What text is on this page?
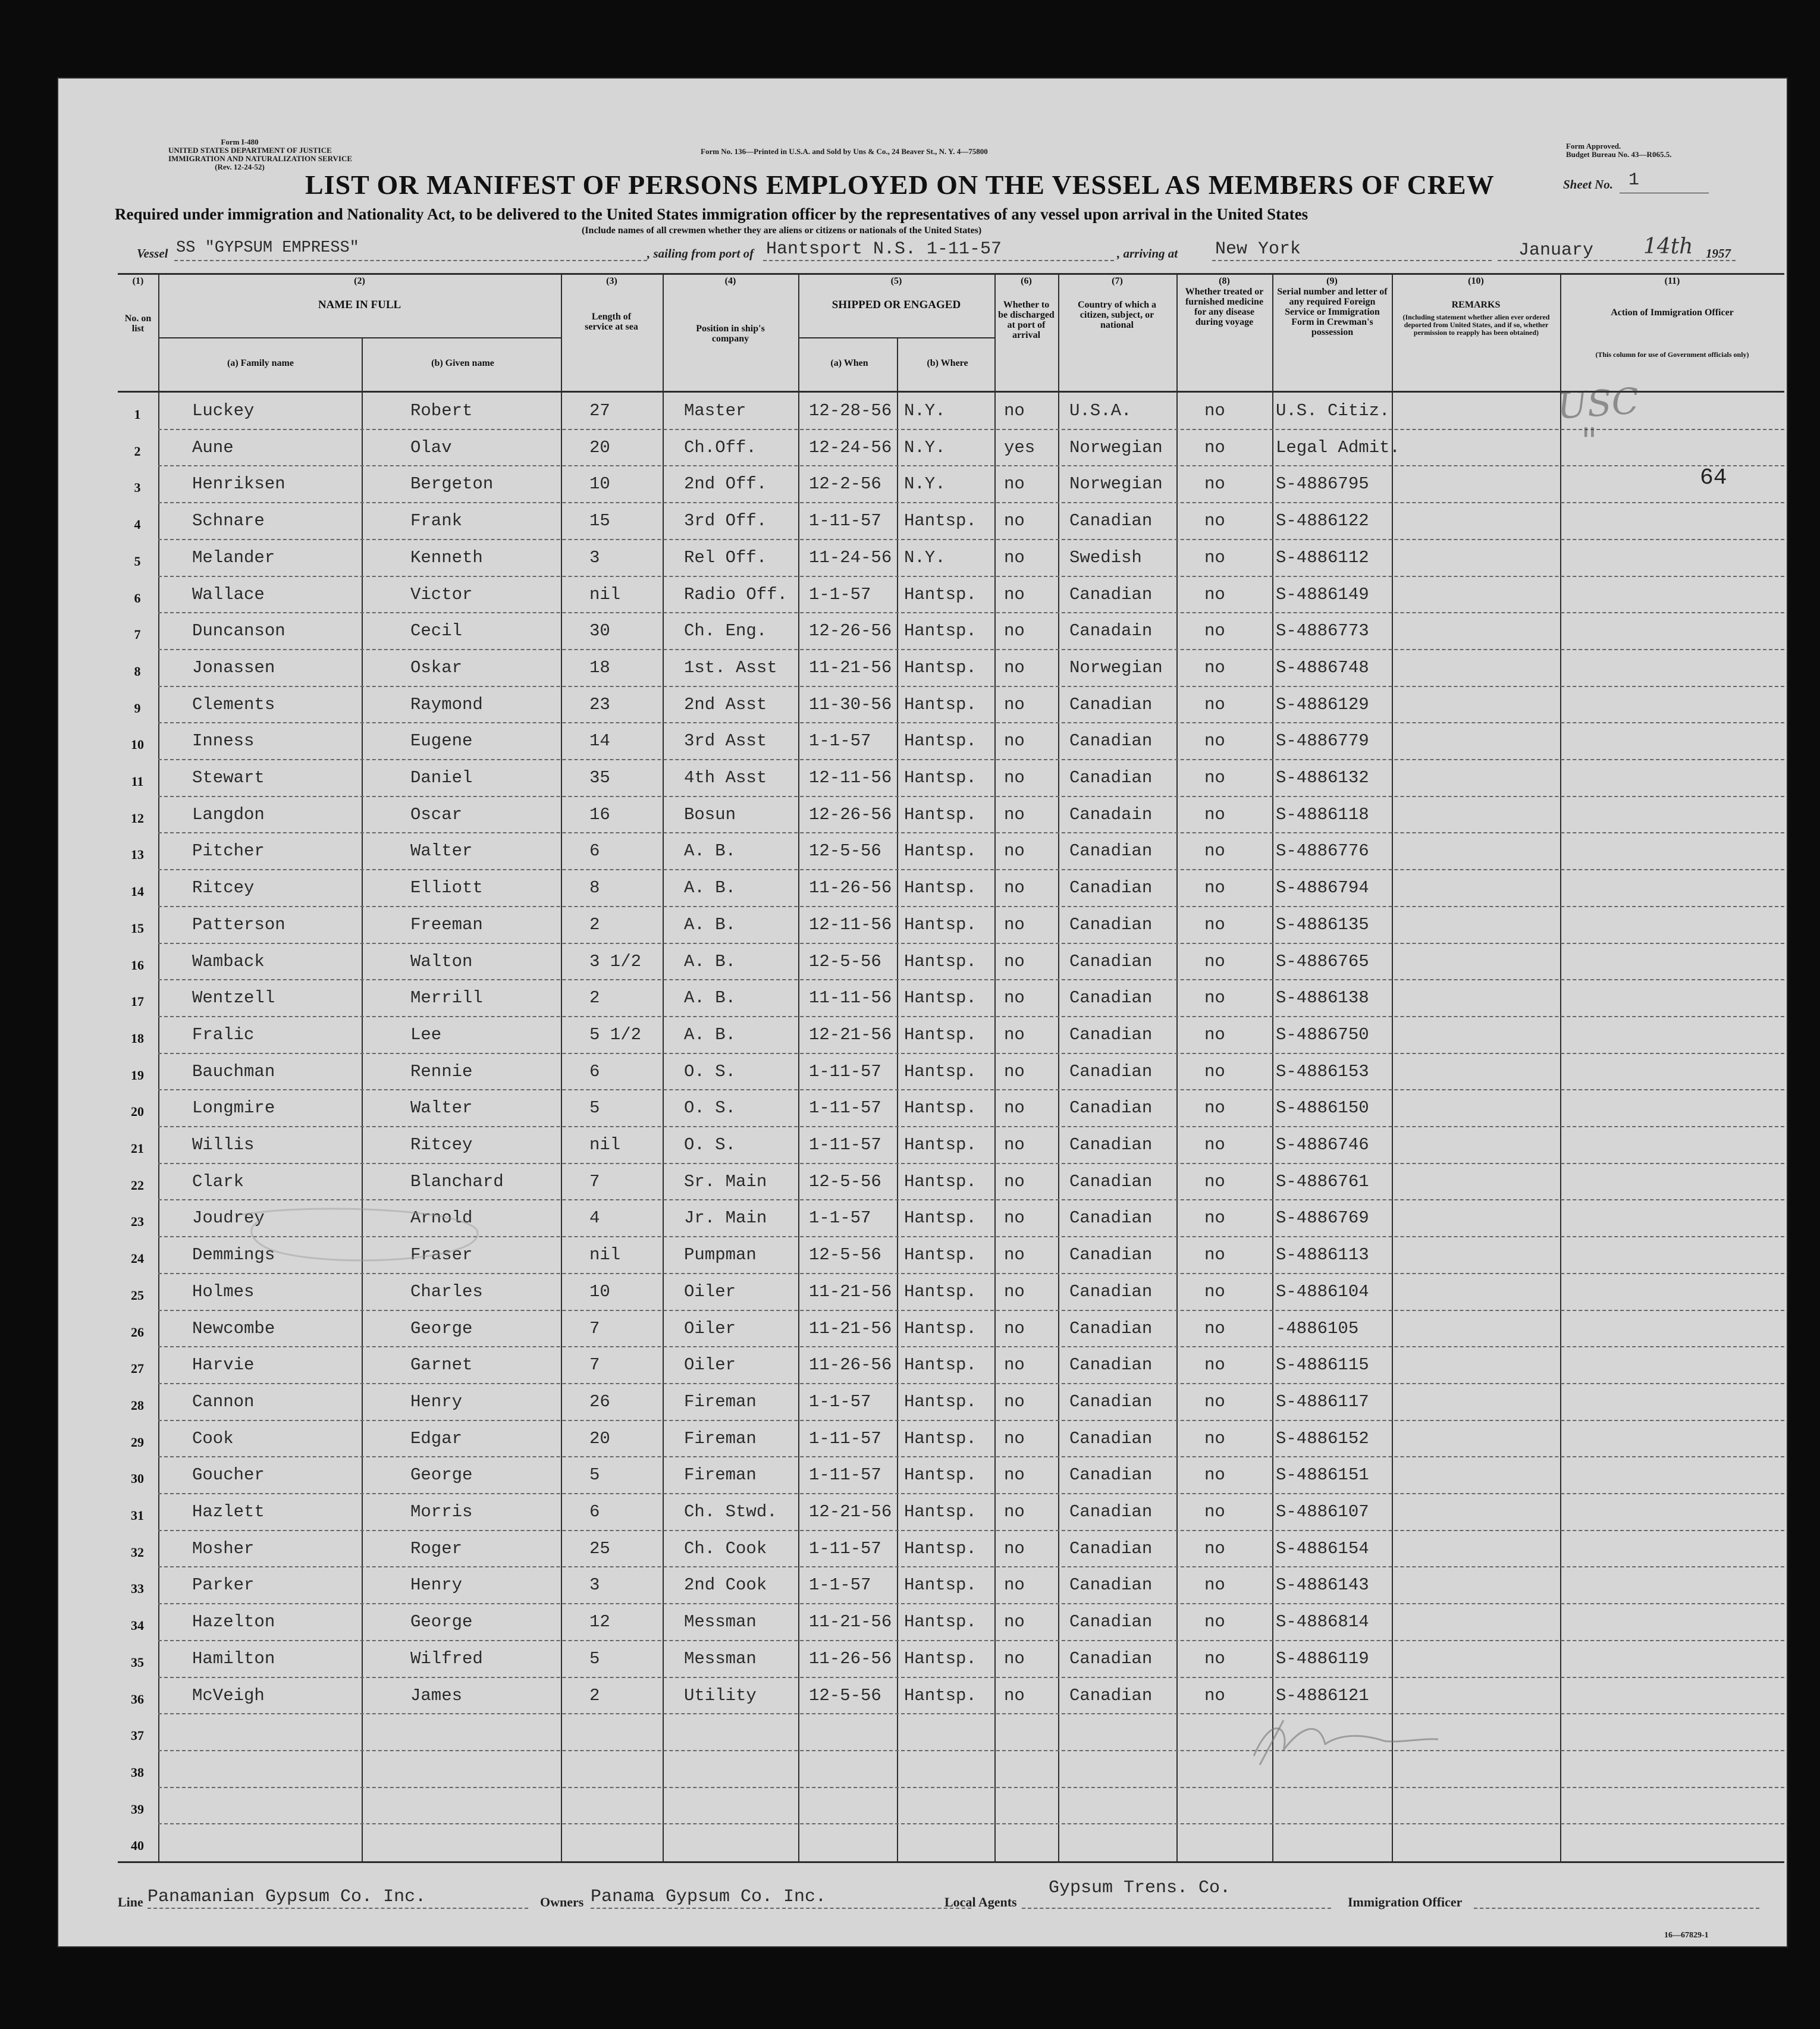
Form I-480
UNITED STATES DEPARTMENT OF JUSTICE
IMMIGRATION AND NATURALIZATION SERVICE
(Rev. 12-24-52)
Form No. 136—Printed in U.S.A. and Sold by Uns & Co., 24 Beaver St., N. Y. 4—75800
Form Approved.
Budget Bureau No. 43—R065.5.
LIST OR MANIFEST OF PERSONS EMPLOYED ON THE VESSEL AS MEMBERS OF CREW	Sheet No. 1
Required under immigration and Nationality Act, to be delivered to the United States immigration officer by the representatives of any vessel upon arrival in the United States
(Include names of all crewmen whether they are aliens or citizens or nationals of the United States)
Vessel SS "GYPSUM EMPRESS"	, sailing from port of Hantsport N.S. 1-11-57	, arriving at New York	January 14th 1957
(1)
No. on list
(2)
NAME IN FULL
(a) Family name	(b) Given name
(3)
Length of service at sea
(4)
Position in ship's company
(5)
SHIPPED OR ENGAGED
(a) When	(b) Where
(6)
Whether to be discharged at port of arrival
(7)
Country of which a citizen, subject, or national
(8)
Whether treated or furnished medicine for any disease during voyage
(9)
Serial number and letter of any required Foreign Service or Immigration Form in Crewman's possession
(10)
REMARKS
(Including statement whether alien ever ordered deported from United States, and if so, whether permission to reapply has been obtained)
(11)
Action of Immigration Officer
(This column for use of Government officials only)
1	Luckey	Robert	27	Master	12-28-56 N.Y.	no	U.S.A.	no	U.S. Citiz.
2	Aune	Olav	20	Ch.Off.	12-24-56 N.Y.	yes Norwegian no	Legal Admit.
3	Henriksen	Bergeton	10	2nd Off. 12-2-56 N.Y.	no	Norwegian no	S-4886795
4	Schnare	Frank	15	3rd Off. 1-11-57 Hantsp. no	Canadian	no	S-4886122
5	Melander	Kenneth	3	Rel Off. 11-24-56 N.Y.	no	Swedish	no	S-4886112
6	Wallace	Victor	nil	Radio Off. 1-1-57 Hantsp. no	Canadian	no	S-4886149
7	Duncanson	Cecil	30	Ch. Eng. 12-26-56 Hantsp. no	Canadain	no	S-4886773
8	Jonassen	Oskar	18	1st. Asst 11-21-56 Hantsp. no	Norwegian no	S-4886748
9	Clements	Raymond	23	2nd Asst 11-30-56 Hantsp. no	Canadian	no	S-4886129
10	Inness	Eugene	14	3rd Asst 1-1-57 Hantsp. no	Canadian	no	S-4886779
11	Stewart	Daniel	35	4th Asst 12-11-56 Hantsp. no	Canadian	no	S-4886132
12	Langdon	Oscar	16	Bosun	12-26-56 Hantsp. no	Canadain	no	S-4886118
13	Pitcher	Walter	6	A. B.	12-5-56 Hantsp. no	Canadian	no	S-4886776
14	Ritcey	Elliott	8	A. B.	11-26-56 Hantsp. no	Canadian	no	S-4886794
15	Patterson	Freeman	2	A. B.	12-11-56 Hantsp. no	Canadian	no	S-4886135
16	Wamback	Walton	3 1/2 A. B.	12-5-56 Hantsp. no	Canadian	no	S-4886765
17	Wentzell	Merrill	2	A. B.	11-11-56 Hantsp. no	Canadian	no	S-4886138
18	Fralic	Lee	5 1/2 A. B.	12-21-56 Hantsp. no	Canadian	no	S-4886750
19	Bauchman	Rennie	6	O. S.	1-11-57 Hantsp. no	Canadian	no	S-4886153
20	Longmire	Walter	5	O. S.	1-11-57 Hantsp. no	Canadian	no	S-4886150
21	Willis	Ritcey	nil	O. S.	1-11-57 Hantsp. no	Canadian	no	S-4886746
22	Clark	Blanchard	7	Sr. Main 12-5-56 Hantsp. no	Canadian	no	S-4886761
23	Joudrey	Arnold	4	Jr. Main 1-1-57 Hantsp. no	Canadian	no	S-4886769
24	Demmings	Fraser	nil	Pumpman	12-5-56 Hantsp. no	Canadian	no	S-4886113
25	Holmes	Charles	10	Oiler	11-21-56 Hantsp. no	Canadian	no	S-4886104
26	Newcombe	George	7	Oiler	11-21-56 Hantsp. no	Canadian	no	-4886105
27	Harvie	Garnet	7	Oiler	11-26-56 Hantsp. no	Canadian	no	S-4886115
28	Cannon	Henry	26	Fireman	1-1-57 Hantsp. no	Canadian	no	S-4886117
29	Cook	Edgar	20	Fireman	1-11-57 Hantsp. no	Canadian	no	S-4886152
30	Goucher	George	5	Fireman	1-11-57 Hantsp. no	Canadian	no	S-4886151
31	Hazlett	Morris	6	Ch. Stwd. 12-21-56 Hantsp. no	Canadian	no	S-4886107
32	Mosher	Roger	25	Ch. Cook 1-11-57 Hantsp. no	Canadian	no	S-4886154
33	Parker	Henry	3	2nd Cook 1-1-57 Hantsp. no	Canadian	no	S-4886143
34	Hazelton	George	12	Messman	11-21-56 Hantsp. no	Canadian	no	S-4886814
35	Hamilton	Wilfred	5	Messman	11-26-56 Hantsp. no	Canadian	no	S-4886119
36	McVeigh	James	2	Utility	12-5-56 Hantsp. no	Canadian	no	S-4886121
37
38
39
40
USC
"
64
Line Panamanian Gypsum Co. Inc.	Owners Panama Gypsum Co. Inc.	Local Agents
Gypsum Trens. Co.
Immigration Officer
16—67829-1
